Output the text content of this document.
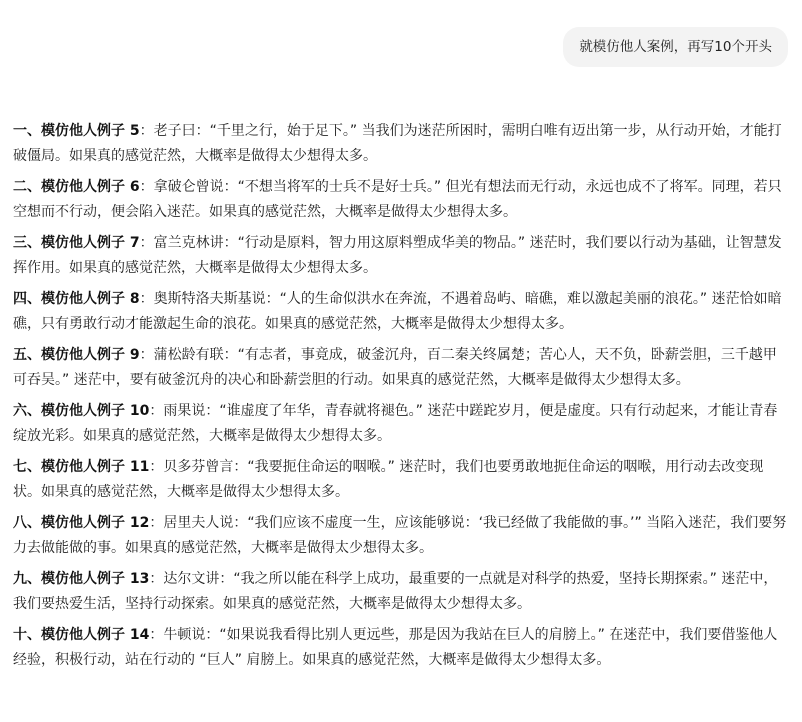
就模仿他人案例，再写10个开头

一、模仿他人例子 5：老子曰：“千里之行，始于足下。” 当我们为迷茫所困时，需明白唯有迈出第一步，从行动开始，才能打破僵局。如果真的感觉茫然，大概率是做得太少想得太多。

二、模仿他人例子 6：拿破仑曾说：“不想当将军的士兵不是好士兵。” 但光有想法而无行动，永远也成不了将军。同理，若只空想而不行动，便会陷入迷茫。如果真的感觉茫然，大概率是做得太少想得太多。

三、模仿他人例子 7：富兰克林讲：“行动是原料，智力用这原料塑成华美的物品。” 迷茫时，我们要以行动为基础，让智慧发挥作用。如果真的感觉茫然，大概率是做得太少想得太多。

四、模仿他人例子 8：奥斯特洛夫斯基说：“人的生命似洪水在奔流，不遇着岛屿、暗礁，难以激起美丽的浪花。” 迷茫恰如暗礁，只有勇敢行动才能激起生命的浪花。如果真的感觉茫然，大概率是做得太少想得太多。

五、模仿他人例子 9：蒲松龄有联：“有志者，事竟成，破釜沉舟，百二秦关终属楚；苦心人，天不负，卧薪尝胆，三千越甲可吞吴。” 迷茫中，要有破釜沉舟的决心和卧薪尝胆的行动。如果真的感觉茫然，大概率是做得太少想得太多。

六、模仿他人例子 10：雨果说：“谁虚度了年华，青春就将褪色。” 迷茫中蹉跎岁月，便是虚度。只有行动起来，才能让青春绽放光彩。如果真的感觉茫然，大概率是做得太少想得太多。

七、模仿他人例子 11：贝多芬曾言：“我要扼住命运的咽喉。” 迷茫时，我们也要勇敢地扼住命运的咽喉，用行动去改变现状。如果真的感觉茫然，大概率是做得太少想得太多。

八、模仿他人例子 12：居里夫人说：“我们应该不虚度一生，应该能够说：‘我已经做了我能做的事。’” 当陷入迷茫，我们要努力去做能做的事。如果真的感觉茫然，大概率是做得太少想得太多。

九、模仿他人例子 13：达尔文讲：“我之所以能在科学上成功，最重要的一点就是对科学的热爱，坚持长期探索。” 迷茫中，我们要热爱生活，坚持行动探索。如果真的感觉茫然，大概率是做得太少想得太多。

十、模仿他人例子 14：牛顿说：“如果说我看得比别人更远些，那是因为我站在巨人的肩膀上。” 在迷茫中，我们要借鉴他人经验，积极行动，站在行动的 “巨人” 肩膀上。如果真的感觉茫然，大概率是做得太少想得太多。
